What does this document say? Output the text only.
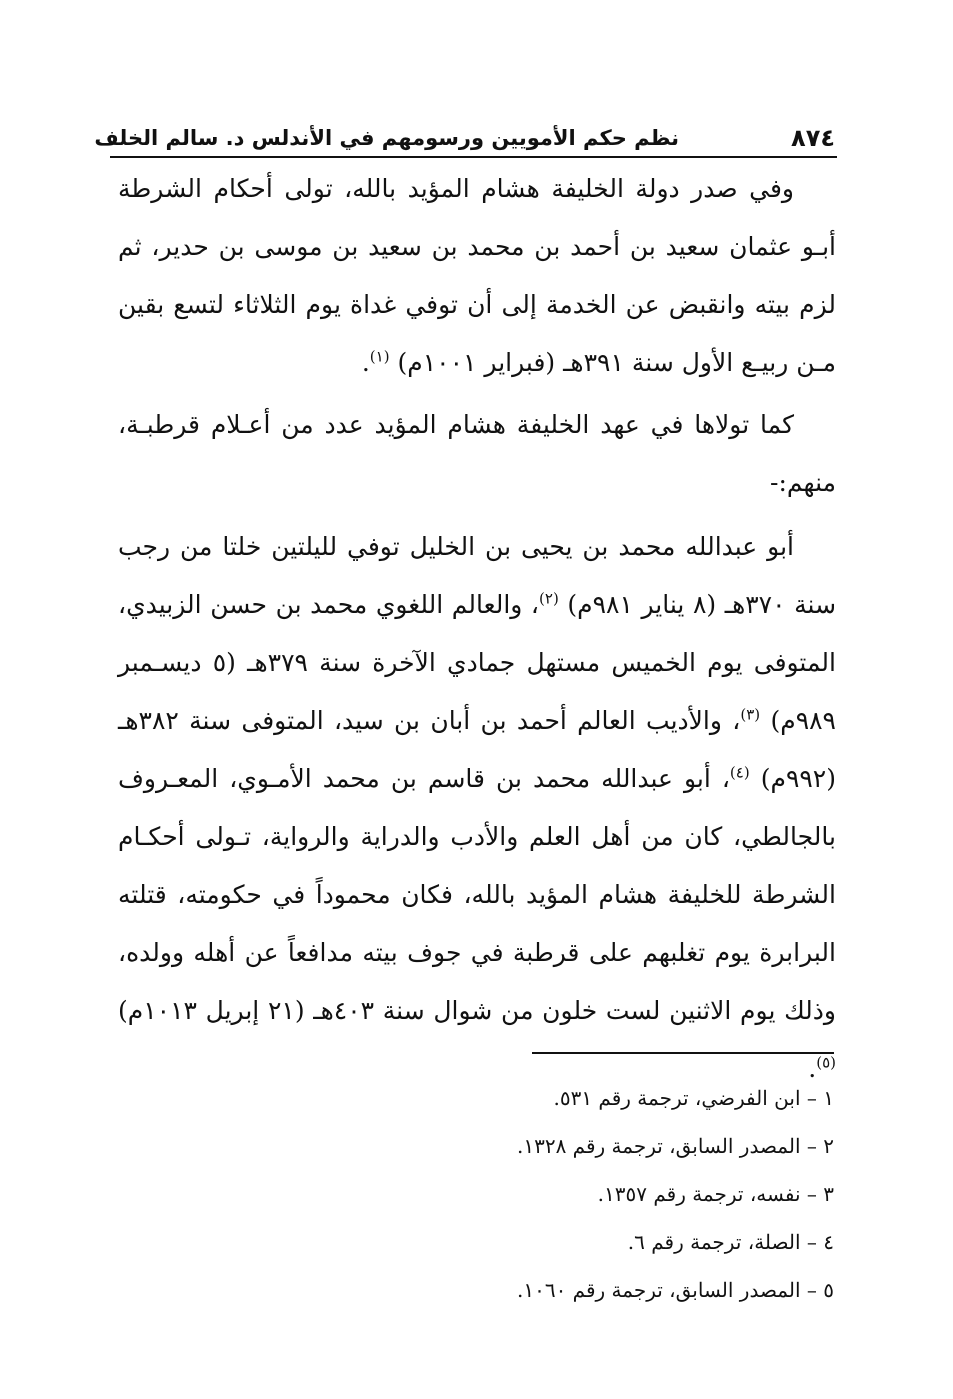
٨٧٤
نظم حكم الأمويين ورسومهم في الأندلس د. سالم الخلف

وفي صدر دولة الخليفة هشام المؤيد بالله، تولى أحكام الشرطة أبـو عثمان سعيد بن أحمد بن محمد بن سعيد بن موسى بن حدير، ثم لزم بيته وانقبض عن الخدمة إلى أن توفي غداة يوم الثلاثاء لتسع بقين مـن ربيـع الأول سنة ٣٩١هـ (فبراير ١٠٠١م) $^{(١)}$.

كما تولاها في عهد الخليفة هشام المؤيد عدد من أعـلام قرطبـة، منهم:-

أبو عبدالله محمد بن يحيى بن الخليل توفي لليلتين خلتا من رجب سنة ٣٧٠هـ (٨ يناير ٩٨١م) $^{(٢)}$، والعالم اللغوي محمد بن حسن الزبيدي، المتوفى يوم الخميس مستهل جمادي الآخرة سنة ٣٧٩هـ (٥ ديسـمبر ٩٨٩م) $^{(٣)}$، والأديب العالم أحمد بن أبان بن سيد، المتوفى سنة ٣٨٢هـ (٩٩٢م) $^{(٤)}$، أبو عبدالله محمد بن قاسم بن محمد الأمـوي، المعـروف بالجالطي، كان من أهل العلم والأدب والدراية والرواية، تـولى أحكـام الشرطة للخليفة هشام المؤيد بالله، فكان محموداً في حكومته، قتلته البرابرة يوم تغلبهم على قرطبة في جوف بيته مدافعاً عن أهله وولده، وذلك يوم الاثنين لست خلون من شوال سنة ٤٠٣هـ (٢١ إبريل ١٠١٣م) $^{(٥)}$.

١ – ابن الفرضي، ترجمة رقم ٥٣١.
٢ – المصدر السابق، ترجمة رقم ١٣٢٨.
٣ – نفسه، ترجمة رقم ١٣٥٧.
٤ – الصلة، ترجمة رقم ٦.
٥ – المصدر السابق، ترجمة رقم ١٠٦٠.
